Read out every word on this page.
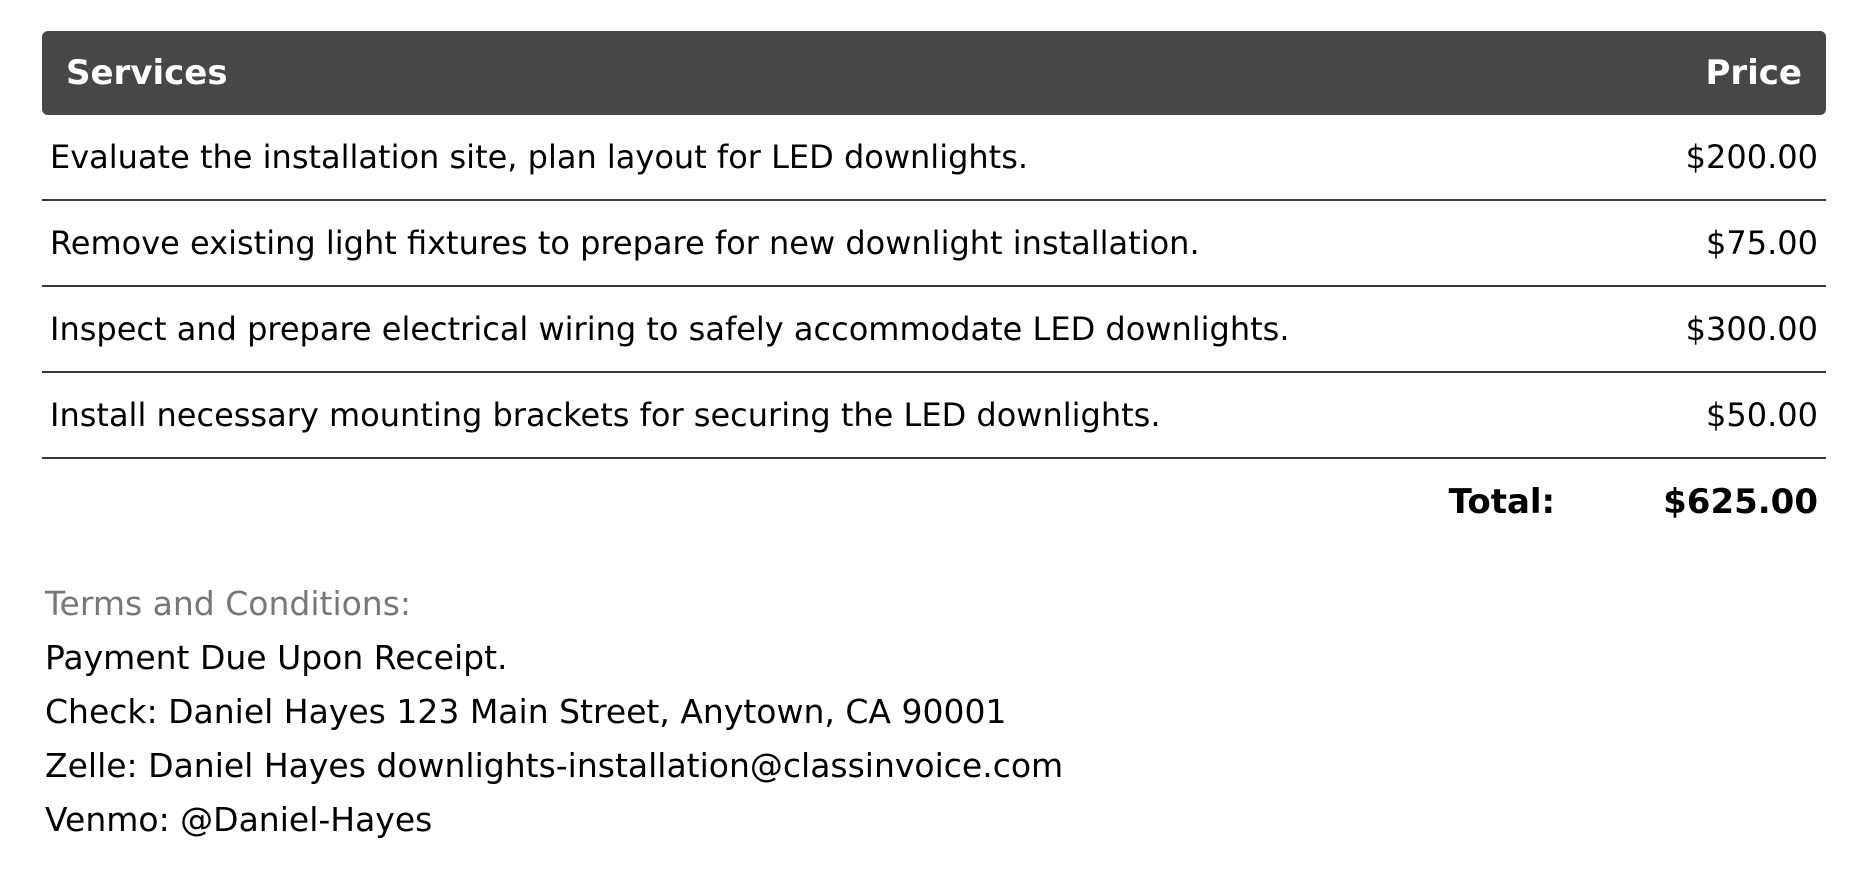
Services	Price
Evaluate the installation site, plan layout for LED downlights.	$200.00
Remove existing light fixtures to prepare for new downlight installation.	$75.00
Inspect and prepare electrical wiring to safely accommodate LED downlights.	$300.00
Install necessary mounting brackets for securing the LED downlights.	$50.00
Total:	$625.00
Terms and Conditions:
Payment Due Upon Receipt.
Check: Daniel Hayes 123 Main Street, Anytown, CA 90001
Zelle: Daniel Hayes downlights-installation@classinvoice.com
Venmo: @Daniel-Hayes
